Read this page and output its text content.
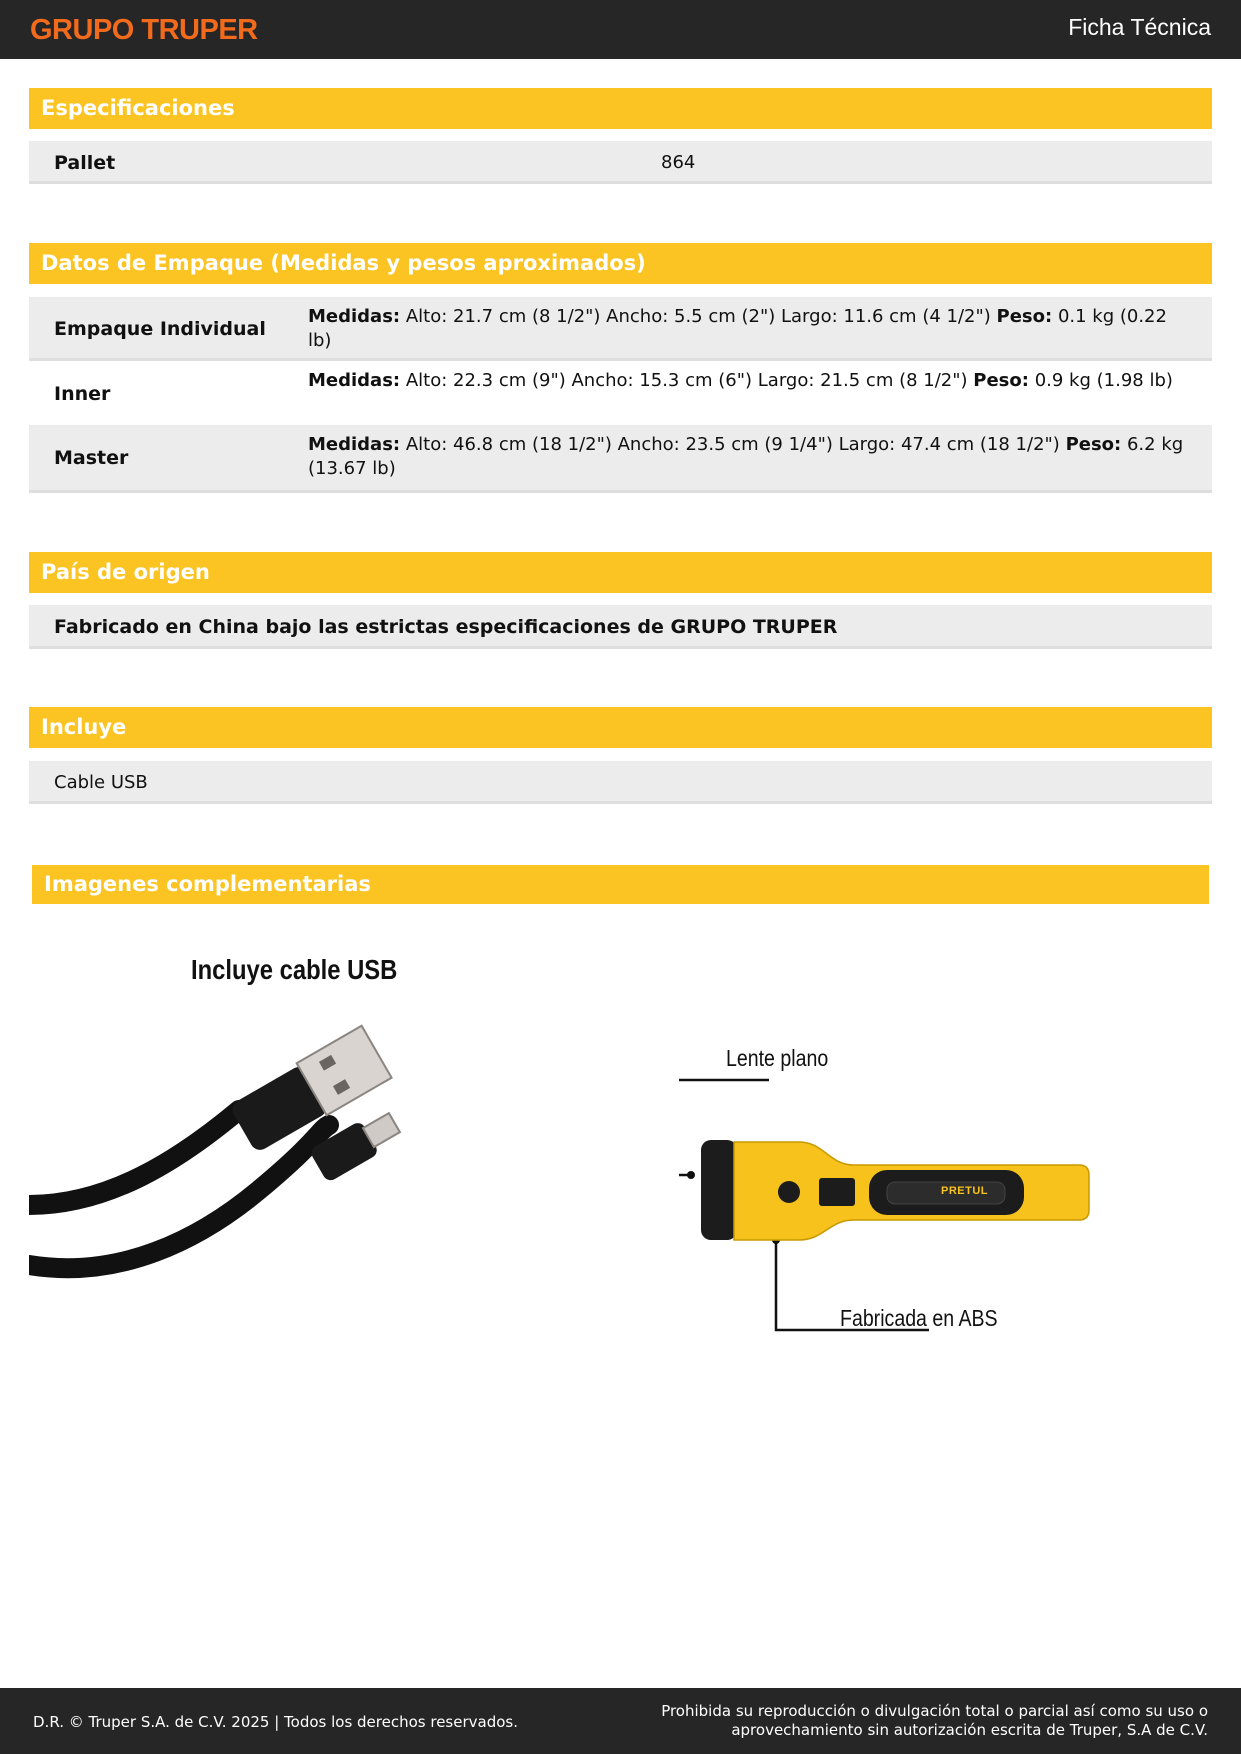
GRUPO TRUPER	Ficha Técnica
Especificaciones
Pallet	864
Datos de Empaque (Medidas y pesos aproximados)
Empaque Individual
Medidas: Alto: 21.7 cm (8 1/2") Ancho: 5.5 cm (2") Largo: 11.6 cm (4 1/2") Peso: 0.1 kg (0.22 lb)
Inner
Medidas: Alto: 22.3 cm (9") Ancho: 15.3 cm (6") Largo: 21.5 cm (8 1/2") Peso: 0.9 kg (1.98 lb)
Master
Medidas: Alto: 46.8 cm (18 1/2") Ancho: 23.5 cm (9 1/4") Largo: 47.4 cm (18 1/2") Peso: 6.2 kg (13.67 lb)
País de origen
Fabricado en China bajo las estrictas especificaciones de GRUPO TRUPER
Incluye
Cable USB
Imagenes complementarias
Incluye cable USB
Lente plano
Fabricada en ABS
PRETUL
D.R. © Truper S.A. de C.V. 2025 | Todos los derechos reservados.
Prohibida su reproducción o divulgación total o parcial así como su uso o aprovechamiento sin autorización escrita de Truper, S.A de C.V.
